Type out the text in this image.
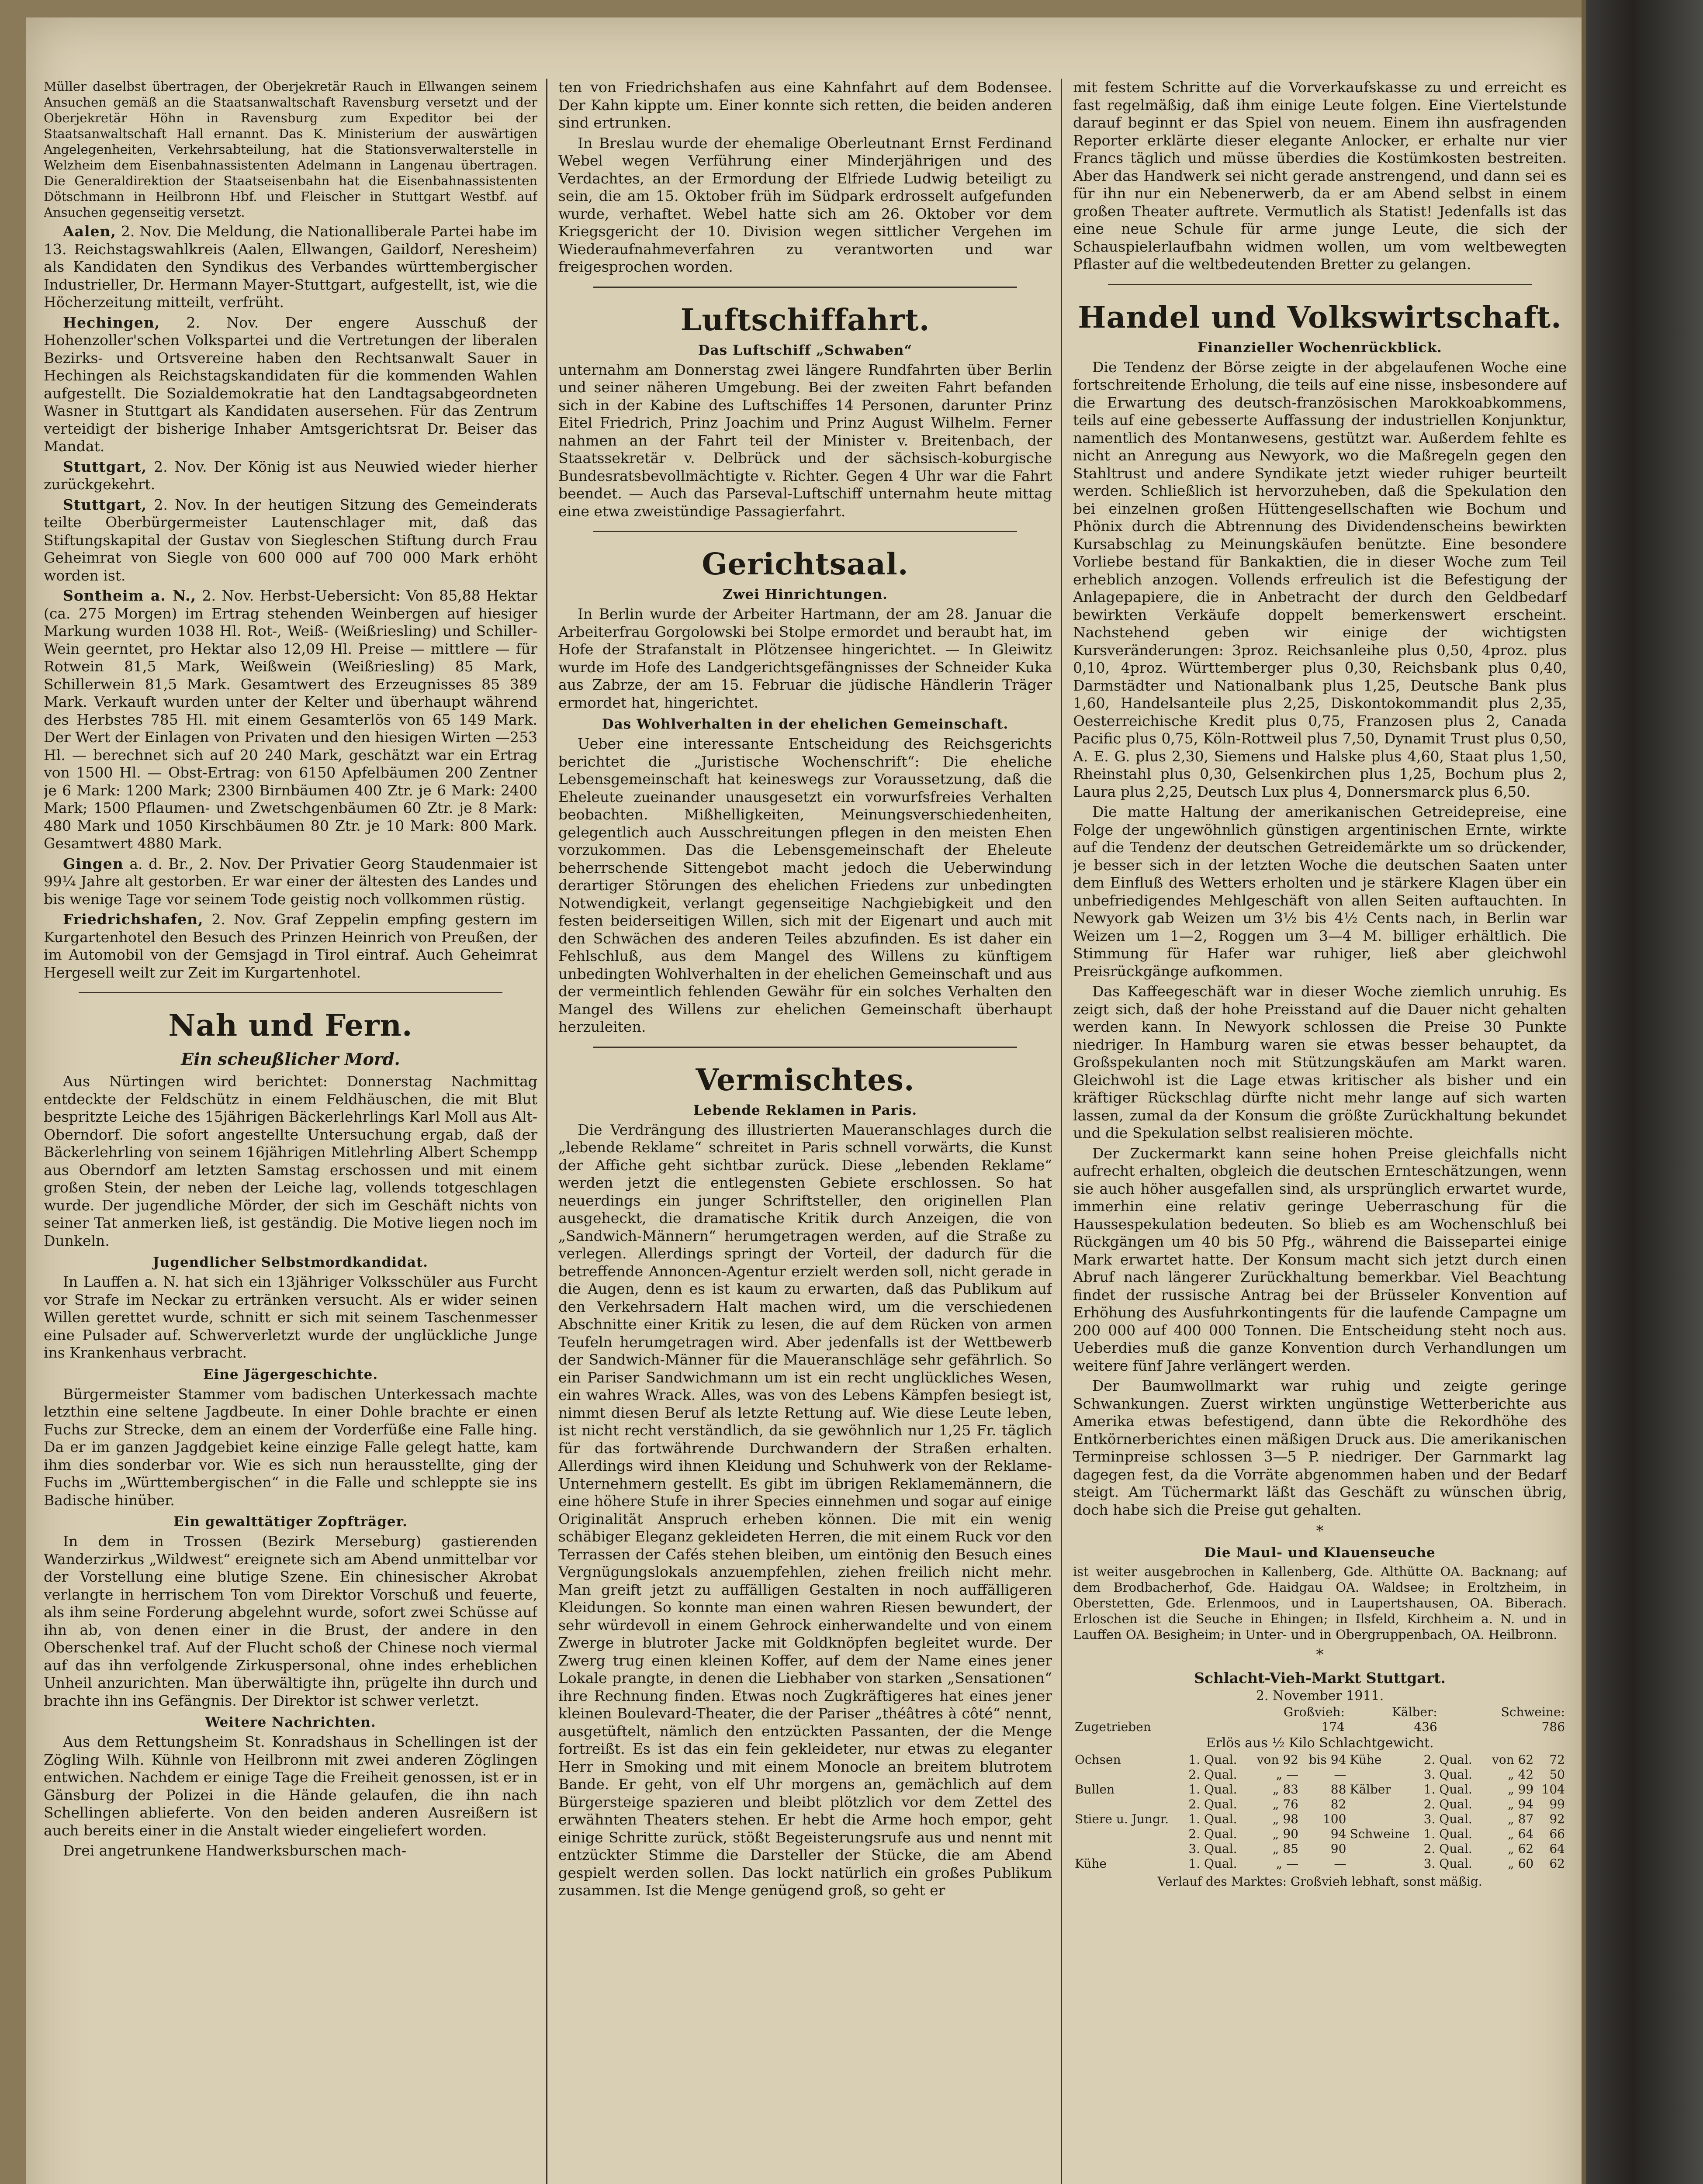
Müller daselbst übertragen, der Oberjekretär Rauch in Ellwangen seinem Ansuchen gemäß an die Staatsanwaltschaft Ravensburg versetzt und der Oberjekretär Höhn in Ravensburg zum Expeditor bei der Staatsanwaltschaft Hall ernannt. Das K. Ministerium der auswärtigen Angelegenheiten, Verkehrsabteilung, hat die Stationsverwalterstelle in Welzheim dem Eisenbahnassistenten Adelmann in Langenau übertragen. Die Generaldirektion der Staatseisenbahn hat die Eisenbahnassistenten Dötschmann in Heilbronn Hbf. und Fleischer in Stuttgart Westbf. auf Ansuchen gegenseitig versetzt.

Aalen, 2. Nov. Die Meldung, die Nationalliberale Partei habe im 13. Reichstagswahlkreis (Aalen, Ellwangen, Gaildorf, Neresheim) als Kandidaten den Syndikus des Verbandes württembergischer Industrieller, Dr. Hermann Mayer-Stuttgart, aufgestellt, ist, wie die Höcherzeitung mitteilt, verfrüht.

Hechingen, 2. Nov. Der engere Ausschuß der Hohenzoller'schen Volkspartei und die Vertretungen der liberalen Bezirks- und Ortsvereine haben den Rechtsanwalt Sauer in Hechingen als Reichstagskandidaten für die kommenden Wahlen aufgestellt. Die Sozialdemokratie hat den Landtagsabgeordneten Wasner in Stuttgart als Kandidaten ausersehen. Für das Zentrum verteidigt der bisherige Inhaber Amtsgerichtsrat Dr. Beiser das Mandat.

Stuttgart, 2. Nov. Der König ist aus Neuwied wieder hierher zurückgekehrt.

Stuttgart, 2. Nov. In der heutigen Sitzung des Gemeinderats teilte Oberbürgermeister Lautenschlager mit, daß das Stiftungskapital der Gustav von Siegleschen Stiftung durch Frau Geheimrat von Siegle von 600 000 auf 700 000 Mark erhöht worden ist.

Sontheim a. N., 2. Nov. Herbst-Uebersicht: Von 85,88 Hektar (ca. 275 Morgen) im Ertrag stehenden Weinbergen auf hiesiger Markung wurden 1038 Hl. Rot-, Weiß- (Weißriesling) und Schiller-Wein geerntet, pro Hektar also 12,09 Hl. Preise — mittlere — für Rotwein 81,5 Mark, Weißwein (Weißriesling) 85 Mark, Schillerwein 81,5 Mark. Gesamtwert des Erzeugnisses 85 389 Mark. Verkauft wurden unter der Kelter und überhaupt während des Herbstes 785 Hl. mit einem Gesamterlös von 65 149 Mark. Der Wert der Einlagen von Privaten und den hiesigen Wirten —253 Hl. — berechnet sich auf 20 240 Mark, geschätzt war ein Ertrag von 1500 Hl. — Obst-Ertrag: von 6150 Apfelbäumen 200 Zentner je 6 Mark: 1200 Mark; 2300 Birnbäumen 400 Ztr. je 6 Mark: 2400 Mark; 1500 Pflaumen- und Zwetschgenbäumen 60 Ztr. je 8 Mark: 480 Mark und 1050 Kirschbäumen 80 Ztr. je 10 Mark: 800 Mark. Gesamtwert 4880 Mark.

Gingen a. d. Br., 2. Nov. Der Privatier Georg Staudenmaier ist 99¼ Jahre alt gestorben. Er war einer der ältesten des Landes und bis wenige Tage vor seinem Tode geistig noch vollkommen rüstig.

Friedrichshafen, 2. Nov. Graf Zeppelin empfing gestern im Kurgartenhotel den Besuch des Prinzen Heinrich von Preußen, der im Automobil von der Gemsjagd in Tirol eintraf. Auch Geheimrat Hergesell weilt zur Zeit im Kurgartenhotel.

Nah und Fern.
Ein scheußlicher Mord.

Aus Nürtingen wird berichtet: Donnerstag Nachmittag entdeckte der Feldschütz in einem Feldhäuschen, die mit Blut bespritzte Leiche des 15jährigen Bäckerlehrlings Karl Moll aus Alt-Oberndorf. Die sofort angestellte Untersuchung ergab, daß der Bäckerlehrling von seinem 16jährigen Mitlehrling Albert Schempp aus Oberndorf am letzten Samstag erschossen und mit einem großen Stein, der neben der Leiche lag, vollends totgeschlagen wurde. Der jugendliche Mörder, der sich im Geschäft nichts von seiner Tat anmerken ließ, ist geständig. Die Motive liegen noch im Dunkeln.

Jugendlicher Selbstmordkandidat.

In Lauffen a. N. hat sich ein 13jähriger Volksschüler aus Furcht vor Strafe im Neckar zu ertränken versucht. Als er wider seinen Willen gerettet wurde, schnitt er sich mit seinem Taschenmesser eine Pulsader auf. Schwerverletzt wurde der unglückliche Junge ins Krankenhaus verbracht.

Eine Jägergeschichte.

Bürgermeister Stammer vom badischen Unterkessach machte letzthin eine seltene Jagdbeute. In einer Dohle brachte er einen Fuchs zur Strecke, dem an einem der Vorderfüße eine Falle hing. Da er im ganzen Jagdgebiet keine einzige Falle gelegt hatte, kam ihm dies sonderbar vor. Wie es sich nun herausstellte, ging der Fuchs im „Württembergischen“ in die Falle und schleppte sie ins Badische hinüber.

Ein gewalttätiger Zopfträger.

In dem in Trossen (Bezirk Merseburg) gastierenden Wanderzirkus „Wildwest“ ereignete sich am Abend unmittelbar vor der Vorstellung eine blutige Szene. Ein chinesischer Akrobat verlangte in herrischem Ton vom Direktor Vorschuß und feuerte, als ihm seine Forderung abgelehnt wurde, sofort zwei Schüsse auf ihn ab, von denen einer in die Brust, der andere in den Oberschenkel traf. Auf der Flucht schoß der Chinese noch viermal auf das ihn verfolgende Zirkuspersonal, ohne indes erheblichen Unheil anzurichten. Man überwältigte ihn, prügelte ihn durch und brachte ihn ins Gefängnis. Der Direktor ist schwer verletzt.

Weitere Nachrichten.

Aus dem Rettungsheim St. Konradshaus in Schellingen ist der Zögling Wilh. Kühnle von Heilbronn mit zwei anderen Zöglingen entwichen. Nachdem er einige Tage die Freiheit genossen, ist er in Gänsburg der Polizei in die Hände gelaufen, die ihn nach Schellingen ablieferte. Von den beiden anderen Ausreißern ist auch bereits einer in die Anstalt wieder eingeliefert worden.

Drei angetrunkene Handwerksburschen mach-

ten von Friedrichshafen aus eine Kahnfahrt auf dem Bodensee. Der Kahn kippte um. Einer konnte sich retten, die beiden anderen sind ertrunken.

In Breslau wurde der ehemalige Oberleutnant Ernst Ferdinand Webel wegen Verführung einer Minderjährigen und des Verdachtes, an der Ermordung der Elfriede Ludwig beteiligt zu sein, die am 15. Oktober früh im Südpark erdrosselt aufgefunden wurde, verhaftet. Webel hatte sich am 26. Oktober vor dem Kriegsgericht der 10. Division wegen sittlicher Vergehen im Wiederaufnahmeverfahren zu verantworten und war freigesprochen worden.

Luftschiffahrt.
Das Luftschiff „Schwaben“

unternahm am Donnerstag zwei längere Rundfahrten über Berlin und seiner näheren Umgebung. Bei der zweiten Fahrt befanden sich in der Kabine des Luftschiffes 14 Personen, darunter Prinz Eitel Friedrich, Prinz Joachim und Prinz August Wilhelm. Ferner nahmen an der Fahrt teil der Minister v. Breitenbach, der Staatssekretär v. Delbrück und der sächsisch-koburgische Bundesratsbevollmächtigte v. Richter. Gegen 4 Uhr war die Fahrt beendet. — Auch das Parseval-Luftschiff unternahm heute mittag eine etwa zweistündige Passagierfahrt.

Gerichtsaal.
Zwei Hinrichtungen.

In Berlin wurde der Arbeiter Hartmann, der am 28. Januar die Arbeiterfrau Gorgolowski bei Stolpe ermordet und beraubt hat, im Hofe der Strafanstalt in Plötzensee hingerichtet. — In Gleiwitz wurde im Hofe des Landgerichtsgefängnisses der Schneider Kuka aus Zabrze, der am 15. Februar die jüdische Händlerin Träger ermordet hat, hingerichtet.

Das Wohlverhalten in der ehelichen Gemeinschaft.

Ueber eine interessante Entscheidung des Reichsgerichts berichtet die „Juristische Wochenschrift“: Die eheliche Lebensgemeinschaft hat keineswegs zur Voraussetzung, daß die Eheleute zueinander unausgesetzt ein vorwurfsfreies Verhalten beobachten. Mißhelligkeiten, Meinungsverschiedenheiten, gelegentlich auch Ausschreitungen pflegen in den meisten Ehen vorzukommen. Das die Lebensgemeinschaft der Eheleute beherrschende Sittengebot macht jedoch die Ueberwindung derartiger Störungen des ehelichen Friedens zur unbedingten Notwendigkeit, verlangt gegenseitige Nachgiebigkeit und den festen beiderseitigen Willen, sich mit der Eigenart und auch mit den Schwächen des anderen Teiles abzufinden. Es ist daher ein Fehlschluß, aus dem Mangel des Willens zu künftigem unbedingten Wohlverhalten in der ehelichen Gemeinschaft und aus der vermeintlich fehlenden Gewähr für ein solches Verhalten den Mangel des Willens zur ehelichen Gemeinschaft überhaupt herzuleiten.

Vermischtes.
Lebende Reklamen in Paris.

Die Verdrängung des illustrierten Maueranschlages durch die „lebende Reklame“ schreitet in Paris schnell vorwärts, die Kunst der Affiche geht sichtbar zurück. Diese „lebenden Reklame“ werden jetzt die entlegensten Gebiete erschlossen. So hat neuerdings ein junger Schriftsteller, den originellen Plan ausgeheckt, die dramatische Kritik durch Anzeigen, die von „Sandwich-Männern“ herumgetragen werden, auf die Straße zu verlegen. Allerdings springt der Vorteil, der dadurch für die betreffende Annoncen-Agentur erzielt werden soll, nicht gerade in die Augen, denn es ist kaum zu erwarten, daß das Publikum auf den Verkehrsadern Halt machen wird, um die verschiedenen Abschnitte einer Kritik zu lesen, die auf dem Rücken von armen Teufeln herumgetragen wird. Aber jedenfalls ist der Wettbewerb der Sandwich-Männer für die Maueranschläge sehr gefährlich. So ein Pariser Sandwichmann um ist ein recht unglückliches Wesen, ein wahres Wrack. Alles, was von des Lebens Kämpfen besiegt ist, nimmt diesen Beruf als letzte Rettung auf. Wie diese Leute leben, ist nicht recht verständlich, da sie gewöhnlich nur 1,25 Fr. täglich für das fortwährende Durchwandern der Straßen erhalten. Allerdings wird ihnen Kleidung und Schuhwerk von der Reklame-Unternehmern gestellt. Es gibt im übrigen Reklamemännern, die eine höhere Stufe in ihrer Species einnehmen und sogar auf einige Originalität Anspruch erheben können. Die mit ein wenig schäbiger Eleganz gekleideten Herren, die mit einem Ruck vor den Terrassen der Cafés stehen bleiben, um eintönig den Besuch eines Vergnügungslokals anzuempfehlen, ziehen freilich nicht mehr. Man greift jetzt zu auffälligen Gestalten in noch auffälligeren Kleidungen. So konnte man einen wahren Riesen bewundert, der sehr würdevoll in einem Gehrock einherwandelte und von einem Zwerge in blutroter Jacke mit Goldknöpfen begleitet wurde. Der Zwerg trug einen kleinen Koffer, auf dem der Name eines jener Lokale prangte, in denen die Liebhaber von starken „Sensationen“ ihre Rechnung finden. Etwas noch Zugkräftigeres hat eines jener kleinen Boulevard-Theater, die der Pariser „théâtres à côté“ nennt, ausgetüftelt, nämlich den entzückten Passanten, der die Menge fortreißt. Es ist das ein fein gekleideter, nur etwas zu eleganter Herr in Smoking und mit einem Monocle an breitem blutrotem Bande. Er geht, von elf Uhr morgens an, gemächlich auf dem Bürgersteige spazieren und bleibt plötzlich vor dem Zettel des erwähnten Theaters stehen. Er hebt die Arme hoch empor, geht einige Schritte zurück, stößt Begeisterungsrufe aus und nennt mit entzückter Stimme die Darsteller der Stücke, die am Abend gespielt werden sollen. Das lockt natürlich ein großes Publikum zusammen. Ist die Menge genügend groß, so geht er

mit festem Schritte auf die Vorverkaufskasse zu und erreicht es fast regelmäßig, daß ihm einige Leute folgen. Eine Viertelstunde darauf beginnt er das Spiel von neuem. Einem ihn ausfragenden Reporter erklärte dieser elegante Anlocker, er erhalte nur vier Francs täglich und müsse überdies die Kostümkosten bestreiten. Aber das Handwerk sei nicht gerade anstrengend, und dann sei es für ihn nur ein Nebenerwerb, da er am Abend selbst in einem großen Theater auftrete. Vermutlich als Statist! Jedenfalls ist das eine neue Schule für arme junge Leute, die sich der Schauspielerlaufbahn widmen wollen, um vom weltbewegten Pflaster auf die weltbedeutenden Bretter zu gelangen.

Handel und Volkswirtschaft.
Finanzieller Wochenrückblick.

Die Tendenz der Börse zeigte in der abgelaufenen Woche eine fortschreitende Erholung, die teils auf eine nisse, insbesondere auf die Erwartung des deutsch-französischen Marokkoabkommens, teils auf eine gebesserte Auffassung der industriellen Konjunktur, namentlich des Montanwesens, gestützt war. Außerdem fehlte es nicht an Anregung aus Newyork, wo die Maßregeln gegen den Stahltrust und andere Syndikate jetzt wieder ruhiger beurteilt werden. Schließlich ist hervorzuheben, daß die Spekulation den bei einzelnen großen Hüttengesellschaften wie Bochum und Phönix durch die Abtrennung des Dividendenscheins bewirkten Kursabschlag zu Meinungskäufen benützte. Eine besondere Vorliebe bestand für Bankaktien, die in dieser Woche zum Teil erheblich anzogen. Vollends erfreulich ist die Befestigung der Anlagepapiere, die in Anbetracht der durch den Geldbedarf bewirkten Verkäufe doppelt bemerkenswert erscheint. Nachstehend geben wir einige der wichtigsten Kursveränderungen: 3proz. Reichsanleihe plus 0,50, 4proz. plus 0,10, 4proz. Württemberger plus 0,30, Reichsbank plus 0,40, Darmstädter und Nationalbank plus 1,25, Deutsche Bank plus 1,60, Handelsanteile plus 2,25, Diskontokommandit plus 2,35, Oesterreichische Kredit plus 0,75, Franzosen plus 2, Canada Pacific plus 0,75, Köln-Rottweil plus 7,50, Dynamit Trust plus 0,50, A. E. G. plus 2,30, Siemens und Halske plus 4,60, Staat plus 1,50, Rheinstahl plus 0,30, Gelsenkirchen plus 1,25, Bochum plus 2, Laura plus 2,25, Deutsch Lux plus 4, Donnersmarck plus 6,50.

Die matte Haltung der amerikanischen Getreidepreise, eine Folge der ungewöhnlich günstigen argentinischen Ernte, wirkte auf die Tendenz der deutschen Getreidemärkte um so drückender, je besser sich in der letzten Woche die deutschen Saaten unter dem Einfluß des Wetters erholten und je stärkere Klagen über ein unbefriedigendes Mehlgeschäft von allen Seiten auftauchten. In Newyork gab Weizen um 3½ bis 4½ Cents nach, in Berlin war Weizen um 1—2, Roggen um 3—4 M. billiger erhältlich. Die Stimmung für Hafer war ruhiger, ließ aber gleichwohl Preisrückgänge aufkommen.

Das Kaffeegeschäft war in dieser Woche ziemlich unruhig. Es zeigt sich, daß der hohe Preisstand auf die Dauer nicht gehalten werden kann. In Newyork schlossen die Preise 30 Punkte niedriger. In Hamburg waren sie etwas besser behauptet, da Großspekulanten noch mit Stützungskäufen am Markt waren. Gleichwohl ist die Lage etwas kritischer als bisher und ein kräftiger Rückschlag dürfte nicht mehr lange auf sich warten lassen, zumal da der Konsum die größte Zurückhaltung bekundet und die Spekulation selbst realisieren möchte.

Der Zuckermarkt kann seine hohen Preise gleichfalls nicht aufrecht erhalten, obgleich die deutschen Ernteschätzungen, wenn sie auch höher ausgefallen sind, als ursprünglich erwartet wurde, immerhin eine relativ geringe Ueberraschung für die Haussespekulation bedeuten. So blieb es am Wochenschluß bei Rückgängen um 40 bis 50 Pfg., während die Baissepartei einige Mark erwartet hatte. Der Konsum macht sich jetzt durch einen Abruf nach längerer Zurückhaltung bemerkbar. Viel Beachtung findet der russische Antrag bei der Brüsseler Konvention auf Erhöhung des Ausfuhrkontingents für die laufende Campagne um 200 000 auf 400 000 Tonnen. Die Entscheidung steht noch aus. Ueberdies muß die ganze Konvention durch Verhandlungen um weitere fünf Jahre verlängert werden.

Der Baumwollmarkt war ruhig und zeigte geringe Schwankungen. Zuerst wirkten ungünstige Wetterberichte aus Amerika etwas befestigend, dann übte die Rekordhöhe des Entkörnerberichtes einen mäßigen Druck aus. Die amerikanischen Terminpreise schlossen 3—5 P. niedriger. Der Garnmarkt lag dagegen fest, da die Vorräte abgenommen haben und der Bedarf steigt. Am Tüchermarkt läßt das Geschäft zu wünschen übrig, doch habe sich die Preise gut gehalten.

*
Die Maul- und Klauenseuche

ist weiter ausgebrochen in Kallenberg, Gde. Althütte OA. Backnang; auf dem Brodbacherhof, Gde. Haidgau OA. Waldsee; in Eroltzheim, in Oberstetten, Gde. Erlenmoos, und in Laupertshausen, OA. Biberach. Erloschen ist die Seuche in Ehingen; in Ilsfeld, Kirchheim a. N. und in Lauffen OA. Besigheim; in Unter- und in Obergruppenbach, OA. Heilbronn.

*
Schlacht-Vieh-Markt Stuttgart.
2. November 1911.
	Großvieh:	Kälber:	Schweine:
Zugetrieben	174	436	786
Erlös aus ½ Kilo Schlachtgewicht.
Ochsen	1. Qual.	von 92	bis 94	Kühe	2. Qual.	von 62	72
	2. Qual.	„ —	—		3. Qual.	„ 42	50
Bullen	1. Qual.	„ 83	88	Kälber	1. Qual.	„ 99	104
	2. Qual.	„ 76	82		2. Qual.	„ 94	99
Stiere u. Jungr.	1. Qual.	„ 98	100		3. Qual.	„ 87	92
	2. Qual.	„ 90	94	Schweine	1. Qual.	„ 64	66
	3. Qual.	„ 85	90		2. Qual.	„ 62	64
Kühe	1. Qual.	„ —	—		3. Qual.	„ 60	62
Verlauf des Marktes: Großvieh lebhaft, sonst mäßig.
